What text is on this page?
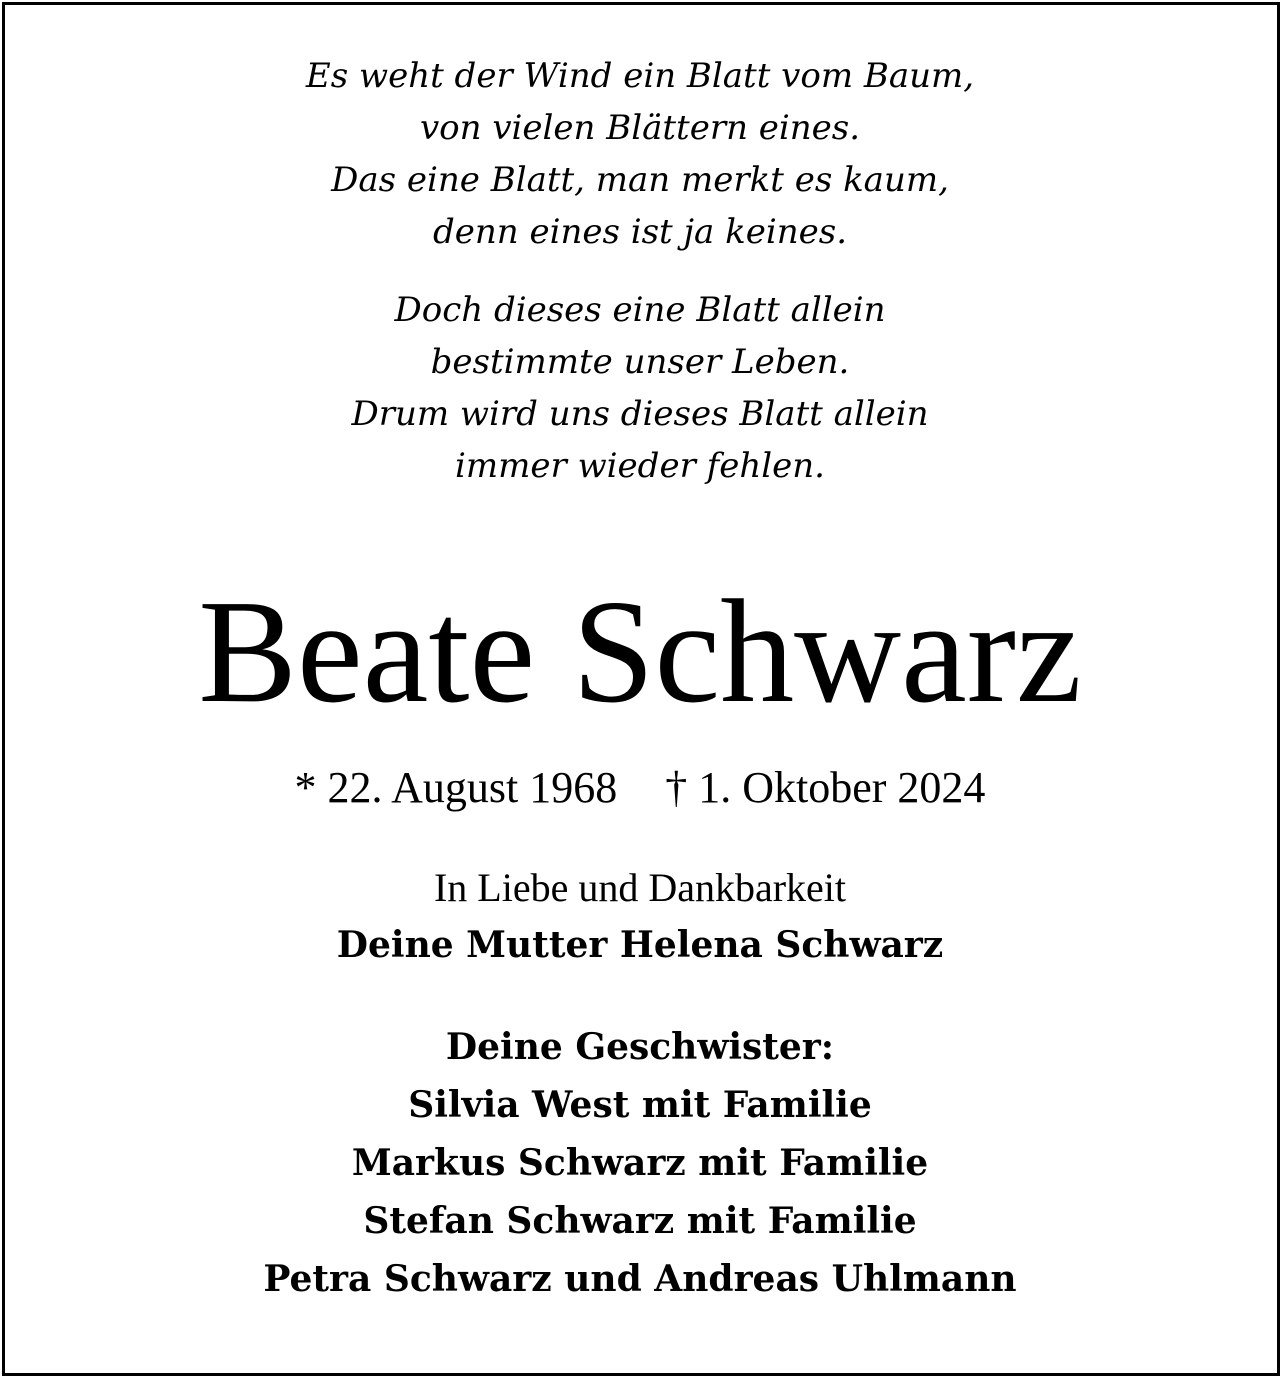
Es weht der Wind ein Blatt vom Baum,
von vielen Blättern eines.
Das eine Blatt, man merkt es kaum,
denn eines ist ja keines.
Doch dieses eine Blatt allein
bestimmte unser Leben.
Drum wird uns dieses Blatt allein
immer wieder fehlen.
Beate Schwarz
* 22. August 1968 † 1. Oktober 2024
In Liebe und Dankbarkeit
Deine Mutter Helena Schwarz
Deine Geschwister:
Silvia West mit Familie
Markus Schwarz mit Familie
Stefan Schwarz mit Familie
Petra Schwarz und Andreas Uhlmann
